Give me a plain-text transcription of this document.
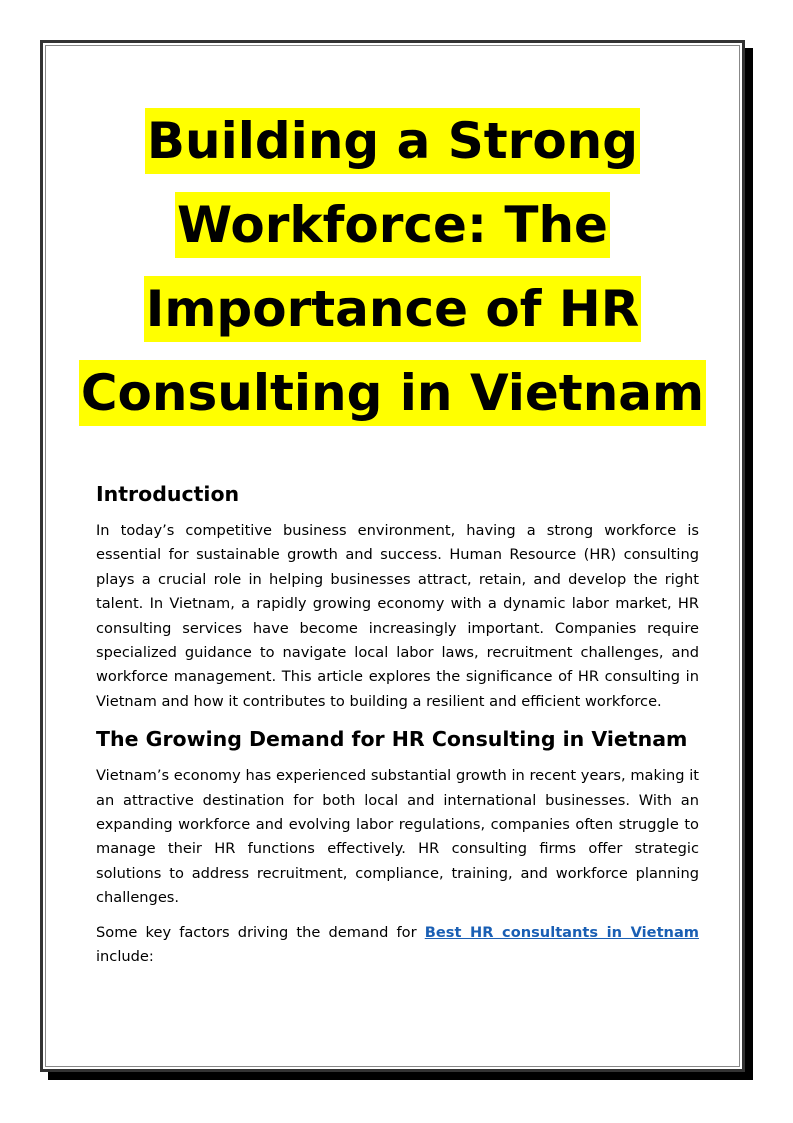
Building a Strong Workforce: The Importance of HR Consulting in Vietnam
Introduction

In today’s competitive business environment, having a strong workforce is essential for sustainable growth and success. Human Resource (HR) consulting plays a crucial role in helping businesses attract, retain, and develop the right talent. In Vietnam, a rapidly growing economy with a dynamic labor market, HR consulting services have become increasingly important. Companies require specialized guidance to navigate local labor laws, recruitment challenges, and workforce management. This article explores the significance of HR consulting in Vietnam and how it contributes to building a resilient and efficient workforce.

The Growing Demand for HR Consulting in Vietnam

Vietnam’s economy has experienced substantial growth in recent years, making it an attractive destination for both local and international businesses. With an expanding workforce and evolving labor regulations, companies often struggle to manage their HR functions effectively. HR consulting firms offer strategic solutions to address recruitment, compliance, training, and workforce planning challenges.

Some key factors driving the demand for Best HR consultants in Vietnam include:
